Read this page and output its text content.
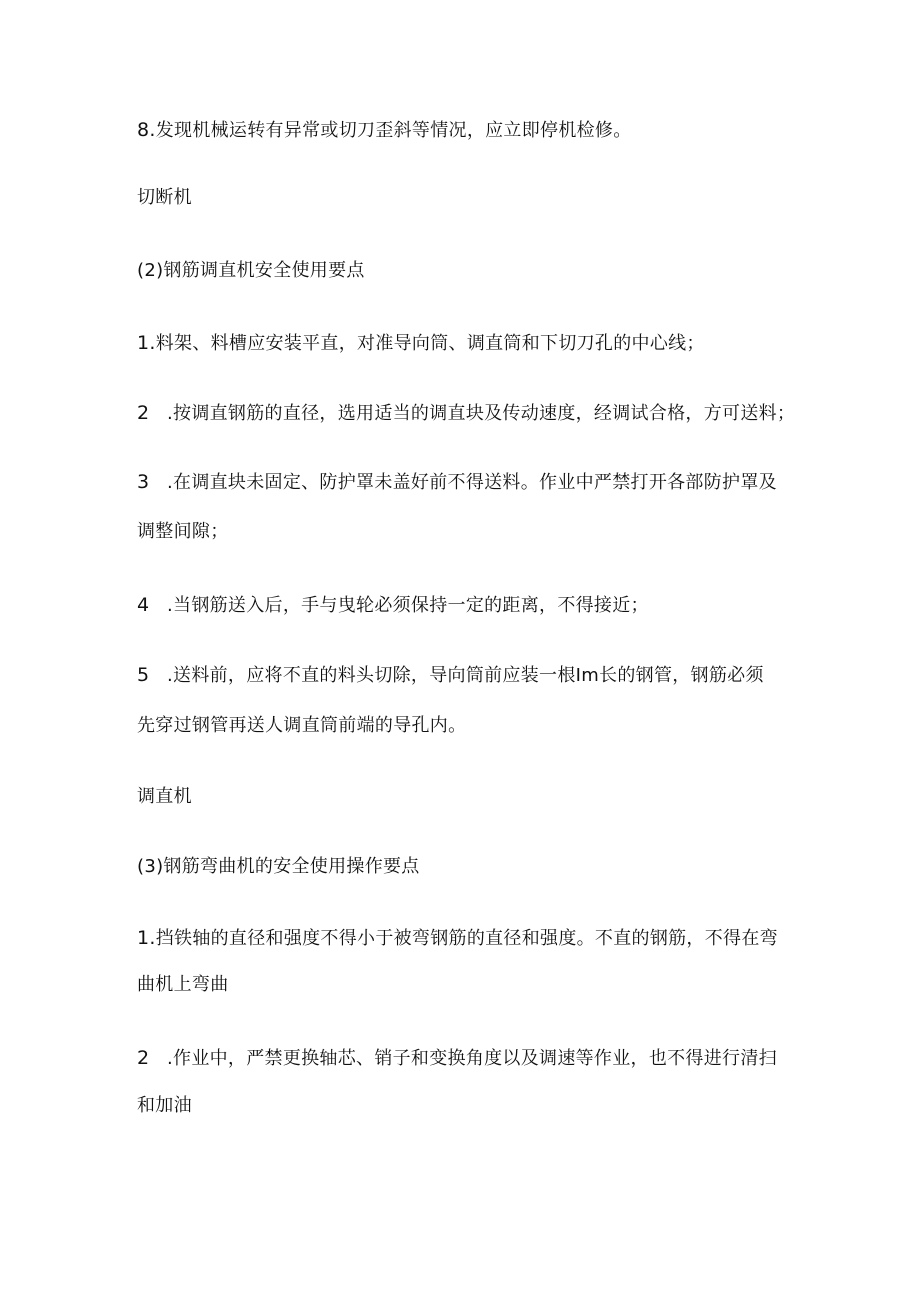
8.发现机械运转有异常或切刀歪斜等情况，应立即停机检修。
切断机
(2)钢筋调直机安全使用要点
1.料架、料槽应安装平直，对准导向筒、调直筒和下切刀孔的中心线；
2 .按调直钢筋的直径，选用适当的调直块及传动速度，经调试合格，方可送料；
3 .在调直块未固定、防护罩未盖好前不得送料。作业中严禁打开各部防护罩及
调整间隙；
4 .当钢筋送入后，手与曳轮必须保持一定的距离，不得接近；
5 .送料前，应将不直的料头切除，导向筒前应装一根Im长的钢管，钢筋必须
先穿过钢管再送人调直筒前端的导孔内。
调直机
(3)钢筋弯曲机的安全使用操作要点
1.挡铁轴的直径和强度不得小于被弯钢筋的直径和强度。不直的钢筋，不得在弯
曲机上弯曲
2 .作业中，严禁更换轴芯、销子和变换角度以及调速等作业，也不得进行清扫
和加油
